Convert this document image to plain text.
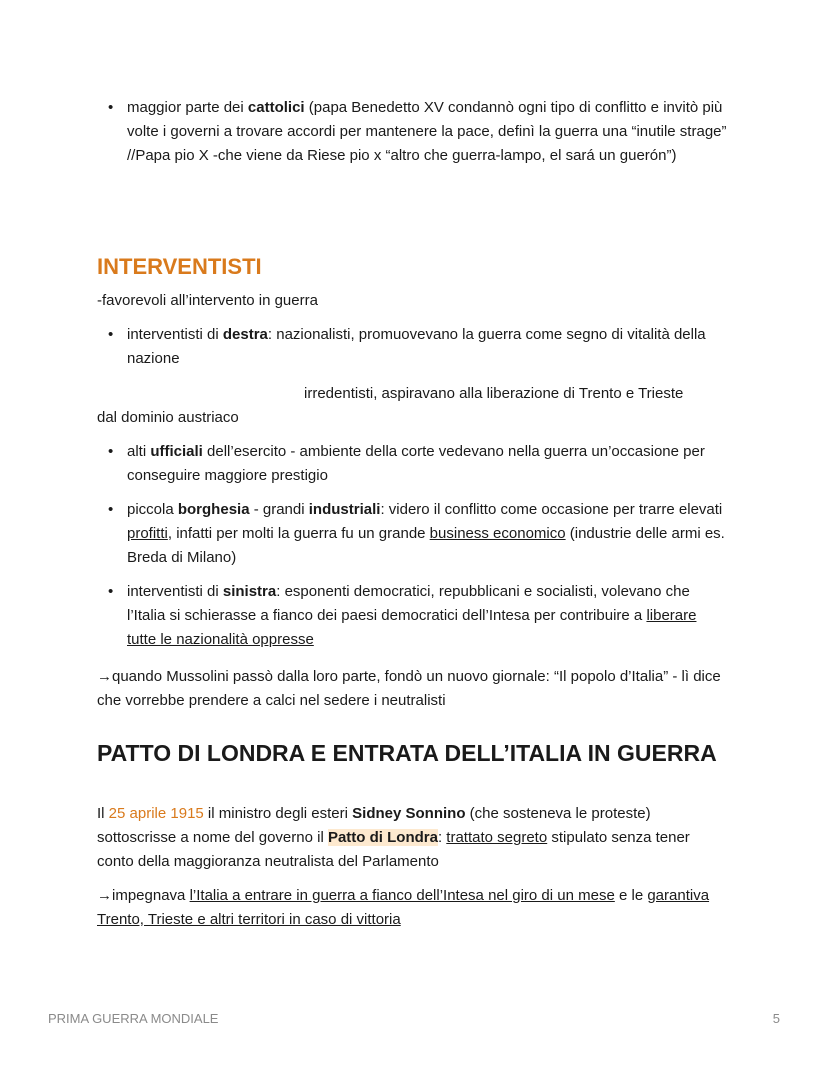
• maggior parte dei cattolici (papa Benedetto XV condannò ogni tipo di conflitto e invitò più volte i governi a trovare accordi per mantenere la pace, definì la guerra una “inutile strage” //Papa pio X -che viene da Riese pio x “altro che guerra-lampo, el sará un guerón”)
INTERVENTISTI

-favorevoli all’intervento in guerra

• interventisti di destra: nazionalisti, promuovevano la guerra come segno di vitalità della nazione

irredentisti, aspiravano alla liberazione di Trento e Trieste

dal dominio austriaco

• alti ufficiali dell’esercito - ambiente della corte vedevano nella guerra un’occasione per conseguire maggiore prestigio
• piccola borghesia - grandi industriali: videro il conflitto come occasione per trarre elevati profitti, infatti per molti la guerra fu un grande business economico (industrie delle armi es. Breda di Milano)
• interventisti di sinistra: esponenti democratici, repubblicani e socialisti, volevano che l’Italia si schierasse a fianco dei paesi democratici dell’Intesa per contribuire a liberare tutte le nazionalità oppresse

→quando Mussolini passò dalla loro parte, fondò un nuovo giornale: “Il popolo d’Italia” - lì dice che vorrebbe prendere a calci nel sedere i neutralisti

PATTO DI LONDRA E ENTRATA DELL’ITALIA IN GUERRA

Il 25 aprile 1915 il ministro degli esteri Sidney Sonnino (che sosteneva le proteste) sottoscrisse a nome del governo il Patto di Londra: trattato segreto stipulato senza tener conto della maggioranza neutralista del Parlamento

→impegnava l’Italia a entrare in guerra a fianco dell’Intesa nel giro di un mese e le garantiva Trento, Trieste e altri territori in caso di vittoria

PRIMA GUERRA MONDIALE	5
